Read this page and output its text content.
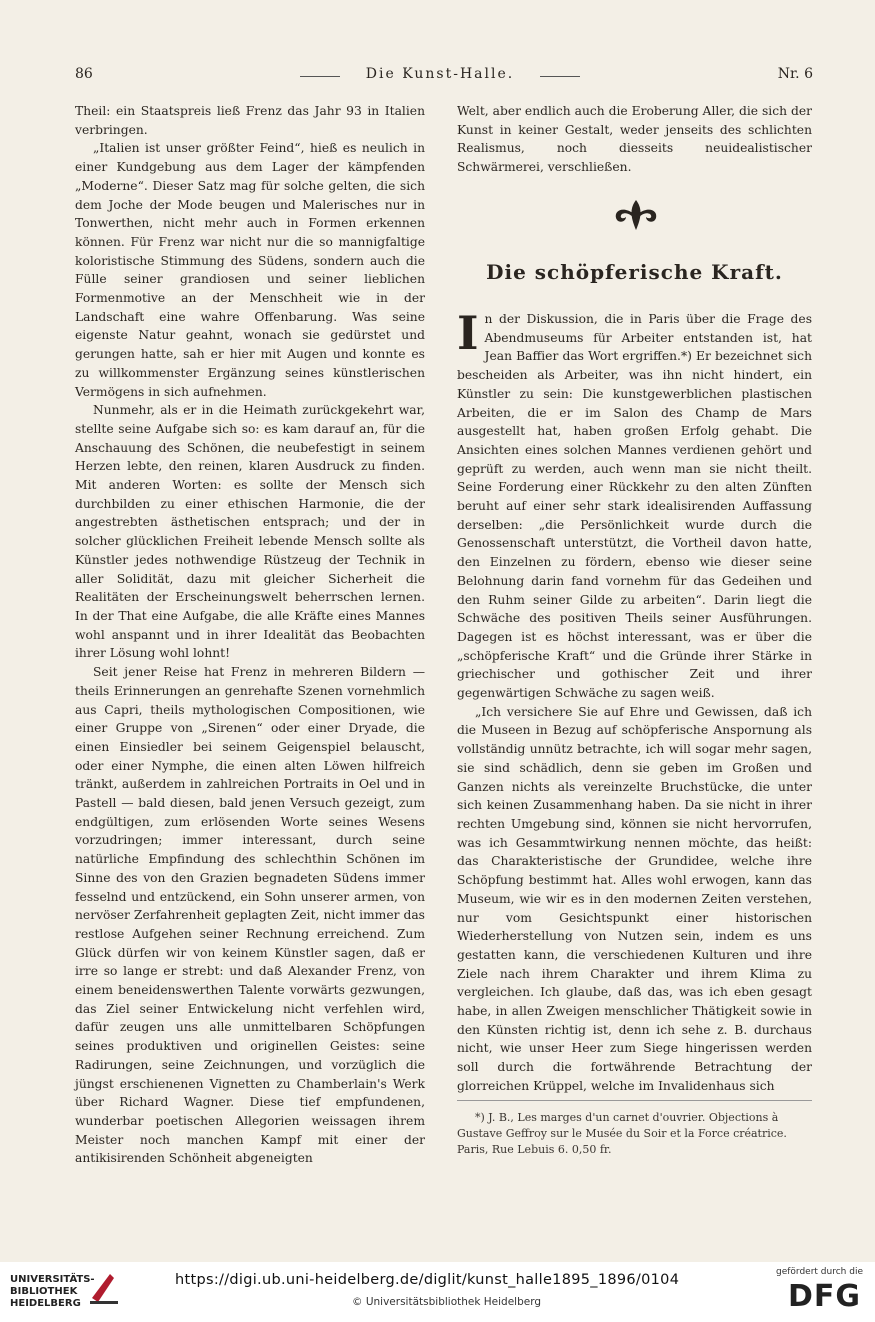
86	Die Kunst-Halle.	Nr. 6

Theil: ein Staatspreis ließ Frenz das Jahr 93 in Italien verbringen.

„Italien ist unser größter Feind“, hieß es neulich in einer Kundgebung aus dem Lager der kämpfenden „Moderne“. Dieser Satz mag für solche gelten, die sich dem Joche der Mode beugen und Malerisches nur in Tonwerthen, nicht mehr auch in Formen erkennen können. Für Frenz war nicht nur die so mannigfaltige koloristische Stimmung des Südens, sondern auch die Fülle seiner grandiosen und seiner lieblichen Formenmotive an der Menschheit wie in der Landschaft eine wahre Offenbarung. Was seine eigenste Natur geahnt, wonach sie gedürstet und gerungen hatte, sah er hier mit Augen und konnte es zu willkommenster Ergänzung seines künstlerischen Vermögens in sich aufnehmen.

Nunmehr, als er in die Heimath zurückgekehrt war, stellte seine Aufgabe sich so: es kam darauf an, für die Anschauung des Schönen, die neubefestigt in seinem Herzen lebte, den reinen, klaren Ausdruck zu finden. Mit anderen Worten: es sollte der Mensch sich durchbilden zu einer ethischen Harmonie, die der angestrebten ästhetischen entsprach; und der in solcher glücklichen Freiheit lebende Mensch sollte als Künstler jedes nothwendige Rüstzeug der Technik in aller Solidität, dazu mit gleicher Sicherheit die Realitäten der Erscheinungswelt beherrschen lernen. In der That eine Aufgabe, die alle Kräfte eines Mannes wohl anspannt und in ihrer Idealität das Beobachten ihrer Lösung wohl lohnt!

Seit jener Reise hat Frenz in mehreren Bildern — theils Erinnerungen an genrehafte Szenen vornehmlich aus Capri, theils mythologischen Compositionen, wie einer Gruppe von „Sirenen“ oder einer Dryade, die einen Einsiedler bei seinem Geigenspiel belauscht, oder einer Nymphe, die einen alten Löwen hilfreich tränkt, außerdem in zahlreichen Portraits in Oel und in Pastell — bald diesen, bald jenen Versuch gezeigt, zum endgültigen, zum erlösenden Worte seines Wesens vorzudringen; immer interessant, durch seine natürliche Empfindung des schlechthin Schönen im Sinne des von den Grazien begnadeten Südens immer fesselnd und entzückend, ein Sohn unserer armen, von nervöser Zerfahrenheit geplagten Zeit, nicht immer das restlose Aufgehen seiner Rechnung erreichend. Zum Glück dürfen wir von keinem Künstler sagen, daß er irre so lange er strebt: und daß Alexander Frenz, von einem beneidenswerthen Talente vorwärts gezwungen, das Ziel seiner Entwickelung nicht verfehlen wird, dafür zeugen uns alle unmittelbaren Schöpfungen seines produktiven und originellen Geistes: seine Radirungen, seine Zeichnungen, und vorzüglich die jüngst erschienenen Vignetten zu Chamberlain's Werk über Richard Wagner. Diese tief empfundenen, wunderbar poetischen Allegorien weissagen ihrem Meister noch manchen Kampf mit einer der antikisirenden Schönheit abgeneigten

Welt, aber endlich auch die Eroberung Aller, die sich der Kunst in keiner Gestalt, weder jenseits des schlichten Realismus, noch diesseits neuidealistischer Schwärmerei, verschließen.

Die schöpferische Kraft.

In der Diskussion, die in Paris über die Frage des Abendmuseums für Arbeiter entstanden ist, hat Jean Baffier das Wort ergriffen.*) Er bezeichnet sich bescheiden als Arbeiter, was ihn nicht hindert, ein Künstler zu sein: Die kunstgewerblichen plastischen Arbeiten, die er im Salon des Champ de Mars ausgestellt hat, haben großen Erfolg gehabt. Die Ansichten eines solchen Mannes verdienen gehört und geprüft zu werden, auch wenn man sie nicht theilt. Seine Forderung einer Rückkehr zu den alten Zünften beruht auf einer sehr stark idealisirenden Auffassung derselben: „die Persönlichkeit wurde durch die Genossenschaft unterstützt, die Vortheil davon hatte, den Einzelnen zu fördern, ebenso wie dieser seine Belohnung darin fand vornehm für das Gedeihen und den Ruhm seiner Gilde zu arbeiten“. Darin liegt die Schwäche des positiven Theils seiner Ausführungen. Dagegen ist es höchst interessant, was er über die „schöpferische Kraft“ und die Gründe ihrer Stärke in griechischer und gothischer Zeit und ihrer gegenwärtigen Schwäche zu sagen weiß.

„Ich versichere Sie auf Ehre und Gewissen, daß ich die Museen in Bezug auf schöpferische Anspornung als vollständig unnütz betrachte, ich will sogar mehr sagen, sie sind schädlich, denn sie geben im Großen und Ganzen nichts als vereinzelte Bruchstücke, die unter sich keinen Zusammenhang haben. Da sie nicht in ihrer rechten Umgebung sind, können sie nicht hervorrufen, was ich Gesammtwirkung nennen möchte, das heißt: das Charakteristische der Grundidee, welche ihre Schöpfung bestimmt hat. Alles wohl erwogen, kann das Museum, wie wir es in den modernen Zeiten verstehen, nur vom Gesichtspunkt einer historischen Wiederherstellung von Nutzen sein, indem es uns gestatten kann, die verschiedenen Kulturen und ihre Ziele nach ihrem Charakter und ihrem Klima zu vergleichen. Ich glaube, daß das, was ich eben gesagt habe, in allen Zweigen menschlicher Thätigkeit sowie in den Künsten richtig ist, denn ich sehe z. B. durchaus nicht, wie unser Heer zum Siege hingerissen werden soll durch die fortwährende Betrachtung der glorreichen Krüppel, welche im Invalidenhaus sich

*) J. B., Les marges d'un carnet d'ouvrier. Objections à Gustave Geffroy sur le Musée du Soir et la Force créatrice. Paris, Rue Lebuis 6. 0,50 fr.
UNIVERSITÄTS-BIBLIOTHEK HEIDELBERG
https://digi.ub.uni-heidelberg.de/diglit/kunst_halle1895_1896/0104
© Universitätsbibliothek Heidelberg
gefördert durch die
DFG
